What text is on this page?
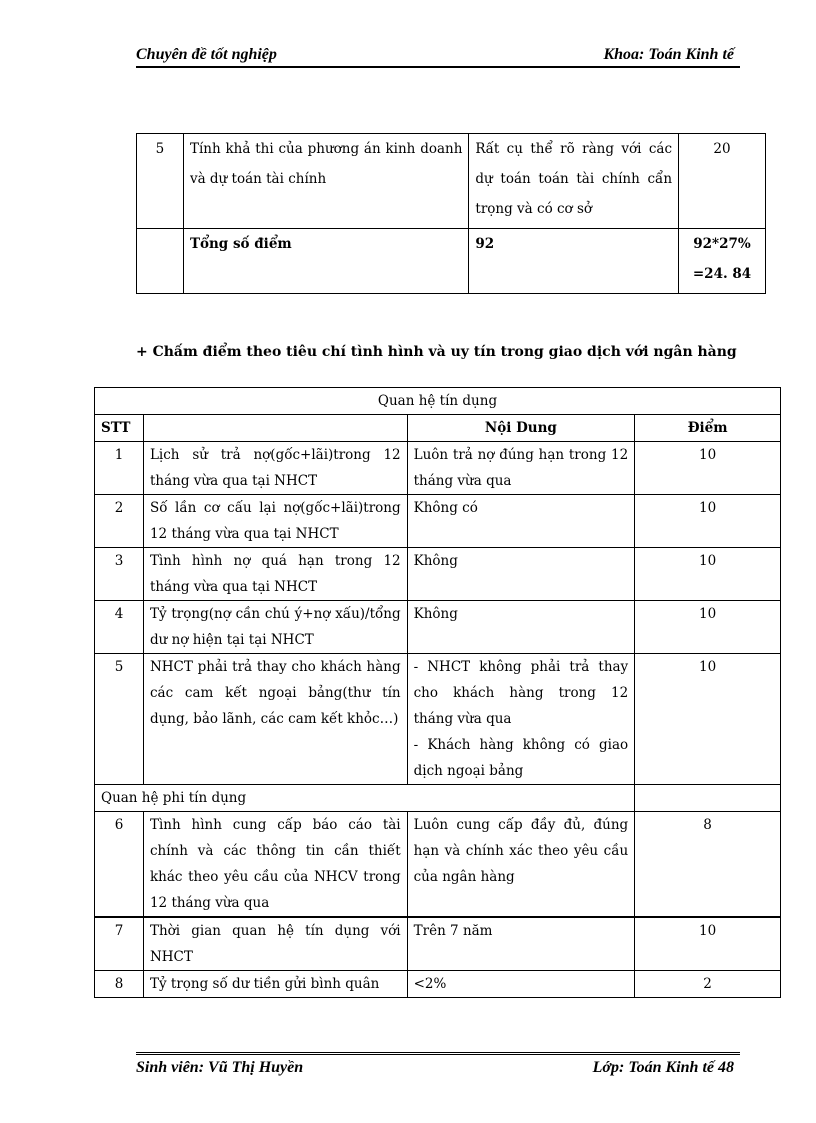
Chuyên đề tốt nghiệp	Khoa: Toán Kinh tế
5	Tính khả thi của phương án kinh doanh và dự toán tài chính	Rất cụ thể rõ ràng với các dự toán toán tài chính cẩn trọng và có cơ sở	20
	Tổng số điểm	92	92*27%
=24. 84
+ Chấm điểm theo tiêu chí tình hình và uy tín trong giao dịch với ngân hàng
Quan hệ tín dụng			
STT		Nội Dung	Điểm
1	Lịch sử trả nợ(gốc+lãi)trong 12 tháng vừa qua tại NHCT	Luôn trả nợ đúng hạn trong 12 tháng vừa qua	10
2	Số lần cơ cấu lại nợ(gốc+lãi)trong 12 tháng vừa qua tại NHCT	Không có	10
3	Tình hình nợ quá hạn trong 12 tháng vừa qua tại NHCT	Không	10
4	Tỷ trọng(nợ cần chú ý+nợ xấu)/tổng dư nợ hiện tại tại NHCT	Không	10
5	NHCT phải trả thay cho khách hàng các cam kết ngoại bảng(thư tín dụng, bảo lãnh, các cam kết khỏc…)	- NHCT không phải trả thay cho khách hàng trong 12 tháng vừa qua
- Khách hàng không có giao dịch ngoại bảng	10
Quan hệ phi tín dụng			
6	Tình hình cung cấp báo cáo tài chính và các thông tin cần thiết khác theo yêu cầu của NHCV trong 12 tháng vừa qua	Luôn cung cấp đầy đủ, đúng hạn và chính xác theo yêu cầu của ngân hàng	8
7	Thời gian quan hệ tín dụng với NHCT	Trên 7 năm	10
8	Tỷ trọng số dư tiền gửi bình quân	<2%	2
Sinh viên: Vũ Thị Huyền	Lớp: Toán Kinh tế 48
